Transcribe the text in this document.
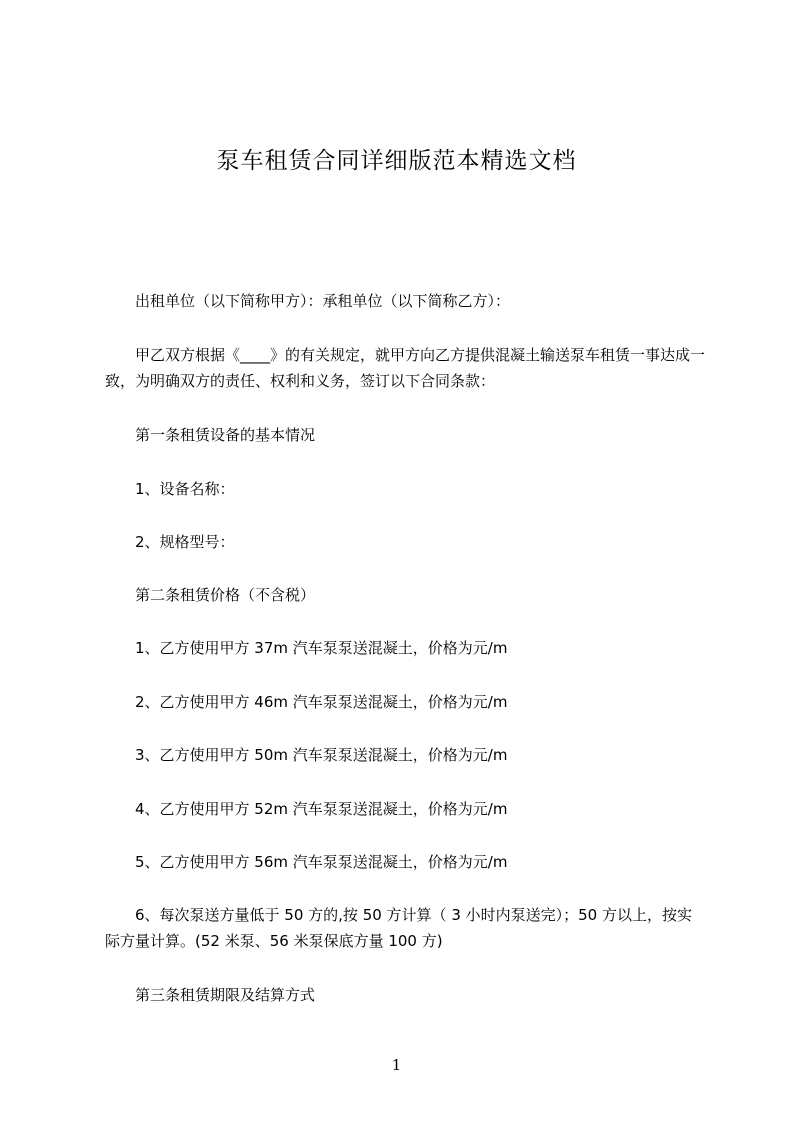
泵车租赁合同详细版范本精选文档

出租单位（以下简称甲方）：承租单位（以下简称乙方）：

甲乙双方根据《____》的有关规定，就甲方向乙方提供混凝土输送泵车租赁一事达成一致，为明确双方的责任、权利和义务，签订以下合同条款：

第一条租赁设备的基本情况

1、设备名称：

2、规格型号：

第二条租赁价格（不含税）

1、乙方使用甲方 37m 汽车泵泵送混凝土，价格为元/m

2、乙方使用甲方 46m 汽车泵泵送混凝土，价格为元/m

3、乙方使用甲方 50m 汽车泵泵送混凝土，价格为元/m

4、乙方使用甲方 52m 汽车泵泵送混凝土，价格为元/m

5、乙方使用甲方 56m 汽车泵泵送混凝土，价格为元/m

6、每次泵送方量低于 50 方的,按 50 方计算（ 3 小时内泵送完）；50 方以上，按实际方量计算。(52 米泵、56 米泵保底方量 100 方)

第三条租赁期限及结算方式

1
